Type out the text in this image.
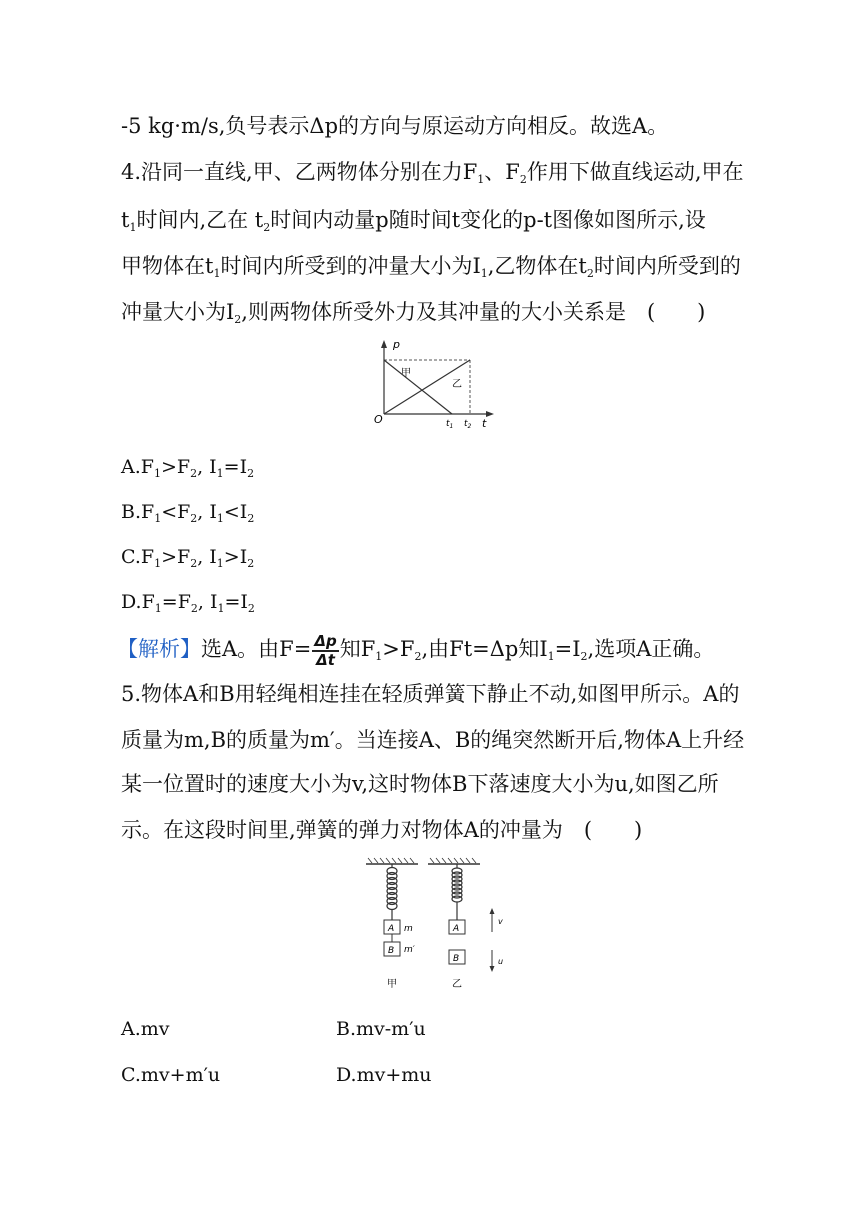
-5 kg·m/s,负号表示Δp的方向与原运动方向相反。故选A。
4.沿同一直线,甲、乙两物体分别在力$F_1$、$F_2$作用下做直线运动,甲在
$t_1$时间内,乙在 $t_2$时间内动量p随时间t变化的p-t图像如图所示,设
甲物体在$t_1$时间内所受到的冲量大小为$I_1$,乙物体在$t_2$时间内所受到的
冲量大小为$I_2$,则两物体所受外力及其冲量的大小关系是　(　　)
p
t
O
甲
乙
$t_1$ $t_2$
$A.F_1>F_2$, $I_1=I_2$
$B.F_1<F_2$, $I_1<I_2$
$C.F_1>F_2$, $I_1>I_2$
$D.F_1=F_2$, $I_1=I_2$
【解析】选A。由$F= \frac{\Delta p}{\Delta t}$ 知$F_1>F_2$,由Ft=Δp知$I_1=I_2$,选项A正确。
5.物体A和B用轻绳相连挂在轻质弹簧下静止不动,如图甲所示。A的
质量为m,B的质量为m′。当连接A、B的绳突然断开后,物体A上升经
某一位置时的速度大小为v,这时物体B下落速度大小为u,如图乙所
示。在这段时间里,弹簧的弹力对物体A的冲量为　(　　)
A
B
m
m′
A
B
v
u
甲	乙
A.mv	B.mv-m′u
C.mv+m′u	D.mv+mu
